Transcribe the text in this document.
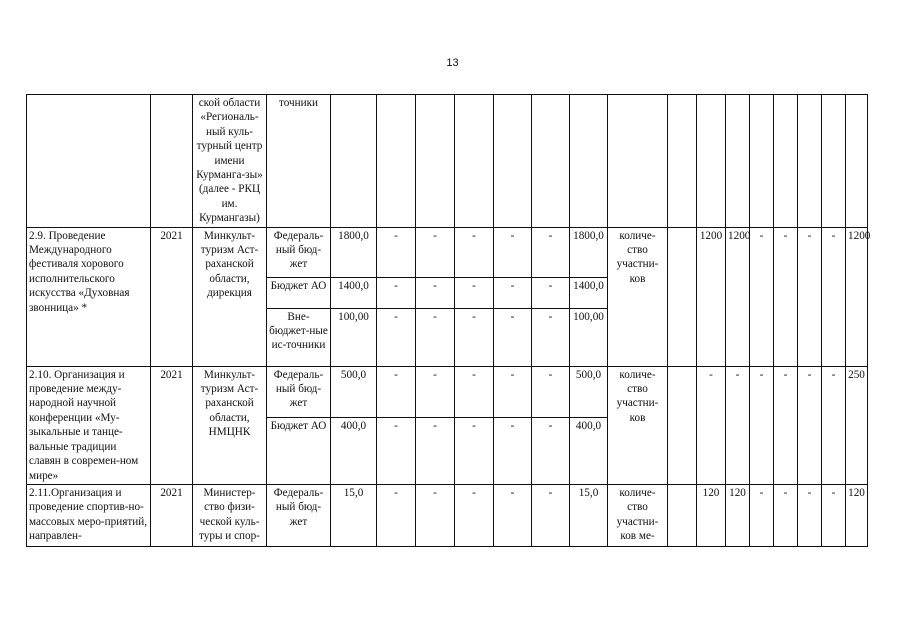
13
		ской области «Региональ-ный куль-турный центр имени Курманга-зы» (далее - РКЦ им. Курмангазы)	точники																
2.9. Проведение Международного фестиваля хорового исполнительского искусства «Духовная звонница» *	2021	Минкульт-туризм Аст-раханской области, дирекция	Федераль-ный бюд-жет	1800,0	-	-	-	-	-	1800,0	количе-ство участни-ков		1200	1200	-	-	-	-	1200
			Бюджет АО	1400,0	-	-	-	-	-	1400,0									
			Вне-бюджет-ные ис-точники	100,00	-	-	-	-	-	100,00									
2.10. Организация и проведение между-народной научной конференции «Му-зыкальные и танце-вальные традиции славян в современ-ном мире»	2021	Минкульт-туризм Аст-раханской области, НМЦНК	Федераль-ный бюд-жет	500,0	-	-	-	-	-	500,0	количе-ство участни-ков		-	-	-	-	-	-	250
			Бюджет АО	400,0	-	-	-	-	-	400,0									
2.11.Организация и проведение спортив-но-массовых меро-приятий, направлен-	2021	Министер-ство физи-ческой куль-туры и спор-	Федераль-ный бюд-жет	15,0	-	-	-	-	-	15,0	количе-ство участни-ков ме-		120	120	-	-	-	-	120
